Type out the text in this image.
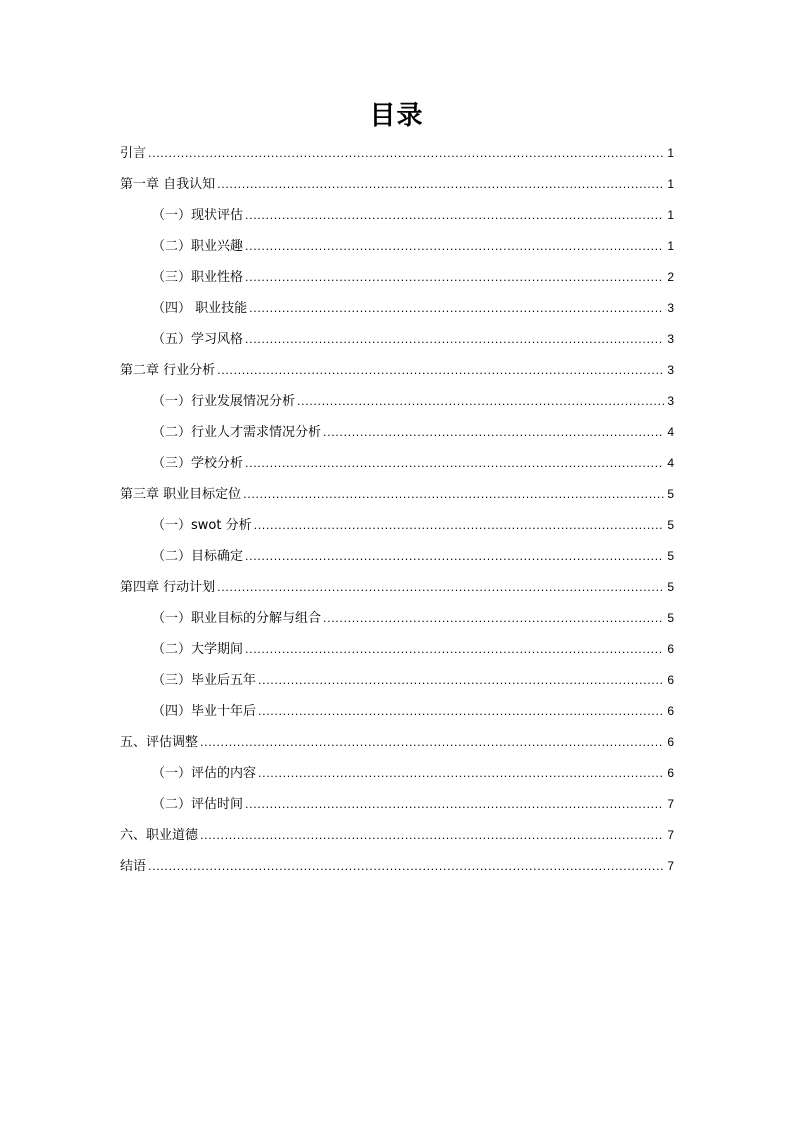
目录
引言 .....	1
第一章 自我认知 .....	1
（一）现状评估 .....	1
（二）职业兴趣 .....	1
（三）职业性格 .....	2
（四） 职业技能 .....	3
（五）学习风格 .....	3
第二章 行业分析 .....	3
（一）行业发展情况分析 .....	3
（二）行业人才需求情况分析 .....	4
（三）学校分析 .....	4
第三章 职业目标定位 .....	5
（一）swot 分析 .....	5
（二）目标确定 .....	5
第四章 行动计划 .....	5
（一）职业目标的分解与组合 .....	5
（二）大学期间 .....	6
（三）毕业后五年 .....	6
（四）毕业十年后 .....	6
五、评估调整 .....	6
（一）评估的内容 .....	6
（二）评估时间 .....	7
六、职业道德 .....	7
结语 .....	7
